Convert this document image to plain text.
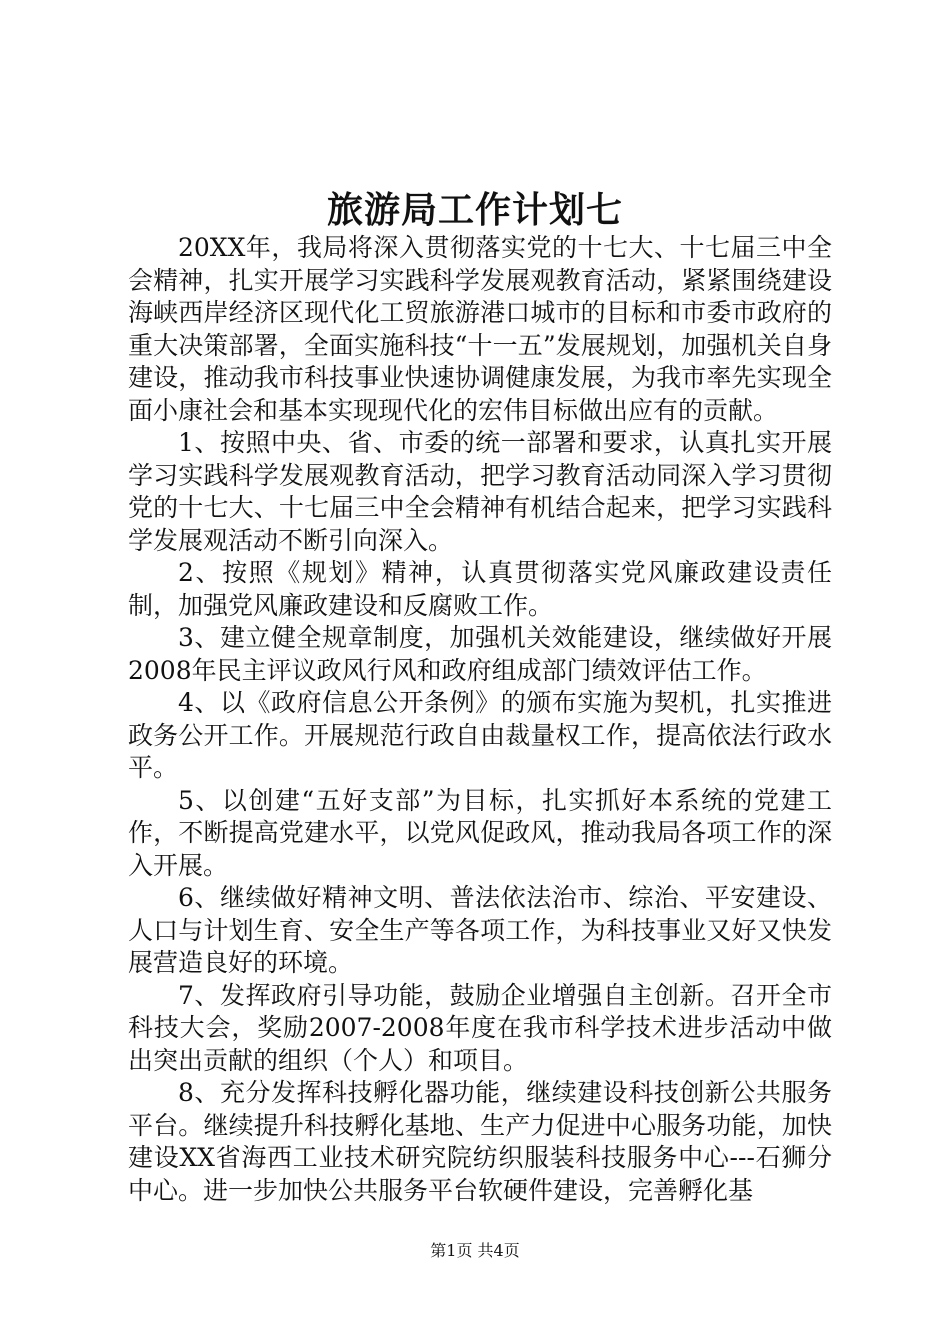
旅游局工作计划七

20XX年，我局将深入贯彻落实党的十七大、十七届三中全会精神，扎实开展学习实践科学发展观教育活动，紧紧围绕建设海峡西岸经济区现代化工贸旅游港口城市的目标和市委市政府的重大决策部署，全面实施科技“十一五”发展规划，加强机关自身建设，推动我市科技事业快速协调健康发展，为我市率先实现全面小康社会和基本实现现代化的宏伟目标做出应有的贡献。

1、按照中央、省、市委的统一部署和要求，认真扎实开展学习实践科学发展观教育活动，把学习教育活动同深入学习贯彻党的十七大、十七届三中全会精神有机结合起来，把学习实践科学发展观活动不断引向深入。

2、按照《规划》精神，认真贯彻落实党风廉政建设责任制，加强党风廉政建设和反腐败工作。

3、建立健全规章制度，加强机关效能建设，继续做好开展2008年民主评议政风行风和政府组成部门绩效评估工作。

4、以《政府信息公开条例》的颁布实施为契机，扎实推进政务公开工作。开展规范行政自由裁量权工作，提高依法行政水平。

5、以创建“五好支部”为目标，扎实抓好本系统的党建工作，不断提高党建水平，以党风促政风，推动我局各项工作的深入开展。

6、继续做好精神文明、普法依法治市、综治、平安建设、人口与计划生育、安全生产等各项工作，为科技事业又好又快发展营造良好的环境。

7、发挥政府引导功能，鼓励企业增强自主创新。召开全市科技大会，奖励2007-2008年度在我市科学技术进步活动中做出突出贡献的组织（个人）和项目。

8、充分发挥科技孵化器功能，继续建设科技创新公共服务平台。继续提升科技孵化基地、生产力促进中心服务功能，加快建设XX省海西工业技术研究院纺织服装科技服务中心---石狮分中心。进一步加快公共服务平台软硬件建设，完善孵化基

第1页 共4页
